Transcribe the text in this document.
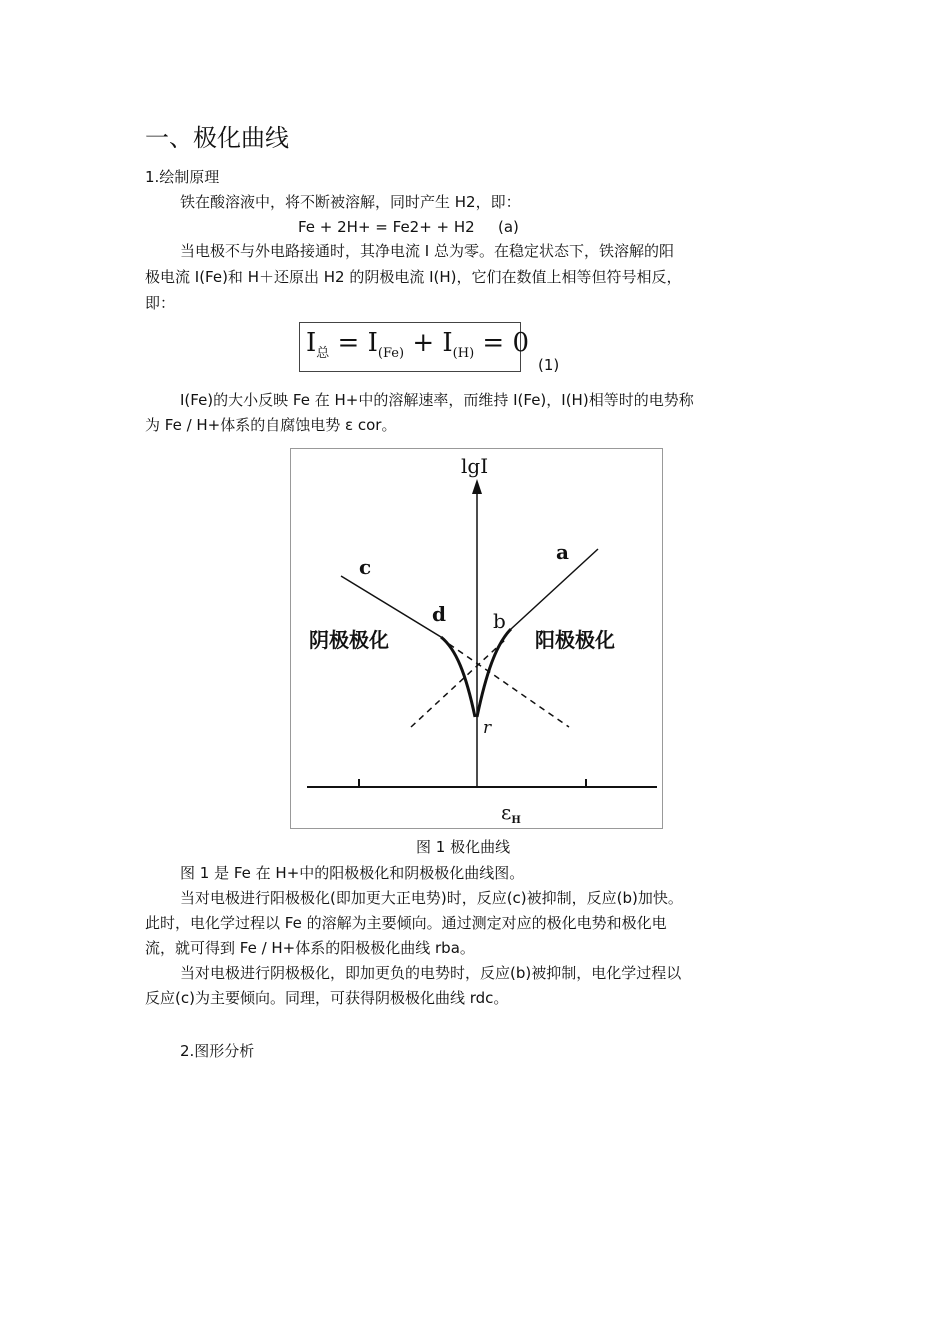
一、极化曲线
1.绘制原理
铁在酸溶液中，将不断被溶解，同时产生 H2，即：
Fe + 2H+ = Fe2+ + H2 (a)
当电极不与外电路接通时，其净电流 I 总为零。在稳定状态下，铁溶解的阳
极电流 I(Fe)和 H＋还原出 H2 的阴极电流 I(H)，它们在数值上相等但符号相反，
即：
$I_总 = I_{(Fe)} + I_{(H)} = 0$
(1)
I(Fe)的大小反映 Fe 在 H+中的溶解速率，而维持 I(Fe)，I(H)相等时的电势称
为 Fe / H+体系的自腐蚀电势 ε cor。
lgI
$\varepsilon_H$
c
a
d b
r
阴极极化	阳极极化
图 1 极化曲线
图 1 是 Fe 在 H+中的阳极极化和阴极极化曲线图。
当对电极进行阳极极化(即加更大正电势)时，反应(c)被抑制，反应(b)加快。
此时，电化学过程以 Fe 的溶解为主要倾向。通过测定对应的极化电势和极化电
流，就可得到 Fe / H+体系的阳极极化曲线 rba。
当对电极进行阴极极化，即加更负的电势时，反应(b)被抑制，电化学过程以
反应(c)为主要倾向。同理，可获得阴极极化曲线 rdc。
2.图形分析
